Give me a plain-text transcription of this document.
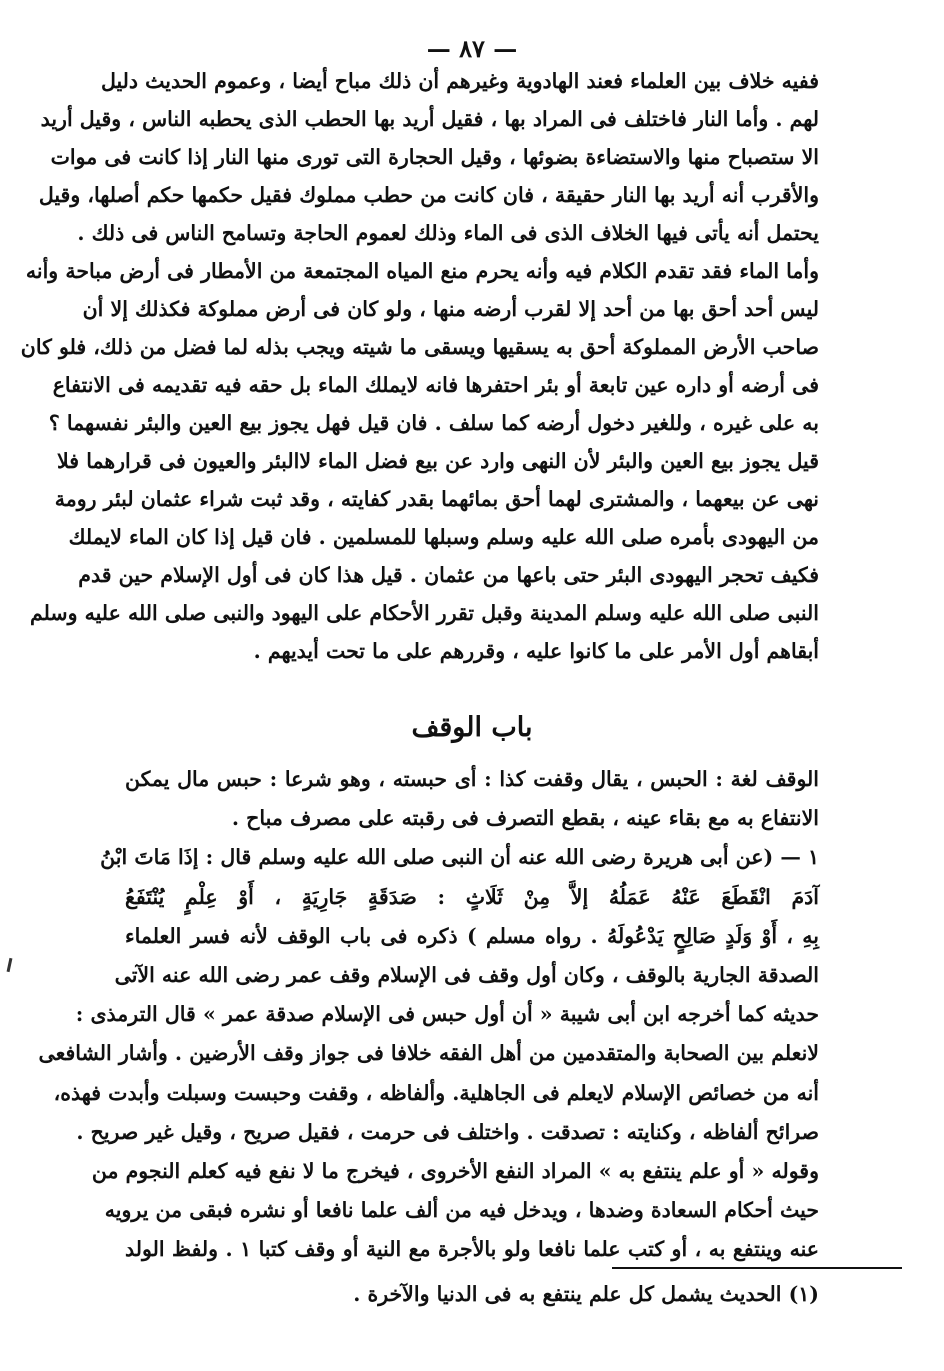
— ٨٧ —
ففيه خلاف بين العلماء فعند الهادوية وغيرهم أن ذلك مباح أيضا ، وعموم الحديث دليل
لهم . وأما النار فاختلف فى المراد بها ، فقيل أريد بها الحطب الذى يحطبه الناس ، وقيل أريد
الا ستصباح منها والاستضاءة بضوئها ، وقيل الحجارة التى تورى منها النار إذا كانت فى موات
والأقرب أنه أريد بها النار حقيقة ، فان كانت من حطب مملوك فقيل حكمها حكم أصلها، وقيل
يحتمل أنه يأتى فيها الخلاف الذى فى الماء وذلك لعموم الحاجة وتسامح الناس فى ذلك .
وأما الماء فقد تقدم الكلام فيه وأنه يحرم منع المياه المجتمعة من الأمطار فى أرض مباحة وأنه
ليس أحد أحق بها من أحد إلا لقرب أرضه منها ، ولو كان فى أرض مملوكة فكذلك إلا أن
صاحب الأرض المملوكة أحق به يسقيها ويسقى ما شيته ويجب بذله لما فضل من ذلك، فلو كان
فى أرضه أو داره عين تابعة أو بئر احتفرها فانه لايملك الماء بل حقه فيه تقديمه فى الانتفاع
به على غيره ، وللغير دخول أرضه كما سلف . فان قيل فهل يجوز بيع العين والبئر نفسهما ؟
قيل يجوز بيع العين والبئر لأن النهى وارد عن بيع فضل الماء لاالبئر والعيون فى قرارهما فلا
نهى عن بيعهما ، والمشترى لهما أحق بمائهما بقدر كفايته ، وقد ثبت شراء عثمان لبئر رومة
من اليهودى بأمره صلى الله عليه وسلم وسبلها للمسلمين . فان قيل إذا كان الماء لايملك
فكيف تحجر اليهودى البئر حتى باعها من عثمان . قيل هذا كان فى أول الإسلام حين قدم
النبى صلى الله عليه وسلم المدينة وقبل تقرر الأحكام على اليهود والنبى صلى الله عليه وسلم
أبقاهم أول الأمر على ما كانوا عليه ، وقررهم على ما تحت أيديهم .
باب الوقف
الوقف لغة : الحبس ، يقال وقفت كذا : أى حبسته ، وهو شرعا : حبس مال يمكن
الانتفاع به مع بقاء عينه ، بقطع التصرف فى رقبته على مصرف مباح .
١ — (عن أبى هريرة رضى الله عنه أن النبى صلى الله عليه وسلم قال : إذَا مَاتَ ابْنُ
آدَمَ انْقَطَعَ عَنْهُ عَمَلُهُ إلاَّ مِنْ ثَلَاثٍ : صَدَقَةٍ جَارِيَةٍ ، أَوْ عِلْمٍ يُنْتَفَعُ
بِهِ ، أَوْ وَلَدٍ صَالِحٍ يَدْعُولَهُ . رواه مسلم ) ذكره فى باب الوقف لأنه فسر العلماء
الصدقة الجارية بالوقف ، وكان أول وقف فى الإسلام وقف عمر رضى الله عنه الآتى
حديثه كما أخرجه ابن أبى شيبة « أن أول حبس فى الإسلام صدقة عمر » قال الترمذى :
لانعلم بين الصحابة والمتقدمين من أهل الفقه خلافا فى جواز وقف الأرضين . وأشار الشافعى
أنه من خصائص الإسلام لايعلم فى الجاهلية. وألفاظه ، وقفت وحبست وسبلت وأبدت فهذه،
صرائح ألفاظه ، وكنايته : تصدقت . واختلف فى حرمت ، فقيل صريح ، وقيل غير صريح .
وقوله « أو علم ينتفع به » المراد النفع الأخروى ، فيخرج ما لا نفع فيه كعلم النجوم من
حيث أحكام السعادة وضدها ، ويدخل فيه من ألف علما نافعا أو نشره فبقى من يرويه
عنه وينتفع به ، أو كتب علما نافعا ولو بالأجرة مع النية أو وقف كتبا ١ . ولفظ الولد
(١) الحديث يشمل كل علم ينتفع به فى الدنيا والآخرة .
